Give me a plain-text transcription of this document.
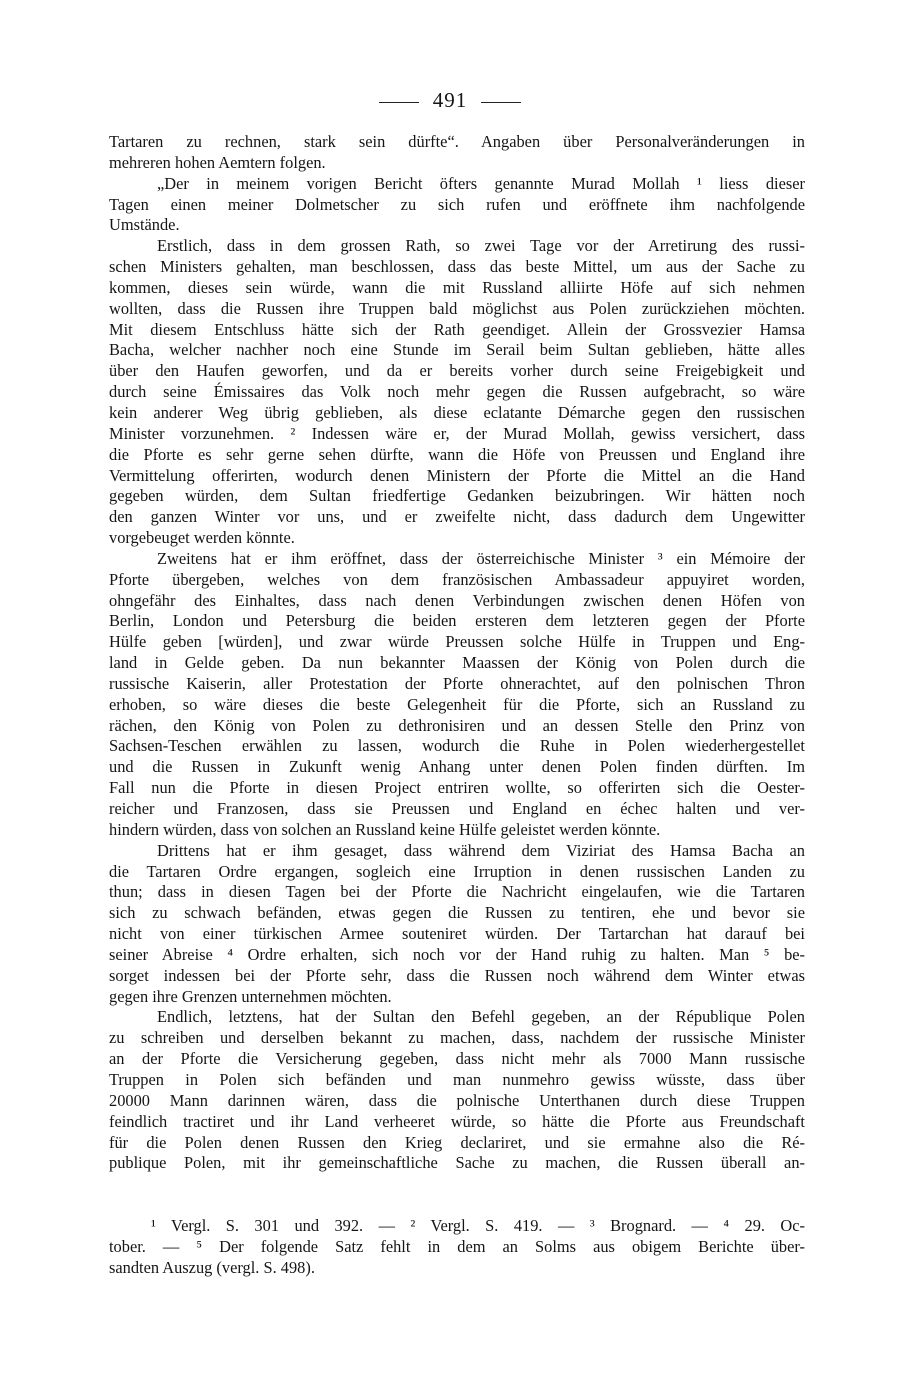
491
Tartaren zu rechnen, stark sein dürfte“. Angaben über Personalveränderungen in
mehreren hohen Aemtern folgen.
„Der in meinem vorigen Bericht öfters genannte Murad Mollah ¹ liess dieser
Tagen einen meiner Dolmetscher zu sich rufen und eröffnete ihm nachfolgende
Umstände.
Erstlich, dass in dem grossen Rath, so zwei Tage vor der Arretirung des russi-
schen Ministers gehalten, man beschlossen, dass das beste Mittel, um aus der Sache zu
kommen, dieses sein würde, wann die mit Russland alliirte Höfe auf sich nehmen
wollten, dass die Russen ihre Truppen bald möglichst aus Polen zurückziehen möchten.
Mit diesem Entschluss hätte sich der Rath geendiget. Allein der Grossvezier Hamsa
Bacha, welcher nachher noch eine Stunde im Serail beim Sultan geblieben, hätte alles
über den Haufen geworfen, und da er bereits vorher durch seine Freigebigkeit und
durch seine Émissaires das Volk noch mehr gegen die Russen aufgebracht, so wäre
kein anderer Weg übrig geblieben, als diese eclatante Démarche gegen den russischen
Minister vorzunehmen. ² Indessen wäre er, der Murad Mollah, gewiss versichert, dass
die Pforte es sehr gerne sehen dürfte, wann die Höfe von Preussen und England ihre
Vermittelung offerirten, wodurch denen Ministern der Pforte die Mittel an die Hand
gegeben würden, dem Sultan friedfertige Gedanken beizubringen. Wir hätten noch
den ganzen Winter vor uns, und er zweifelte nicht, dass dadurch dem Ungewitter
vorgebeuget werden könnte.
Zweitens hat er ihm eröffnet, dass der österreichische Minister ³ ein Mémoire der
Pforte übergeben, welches von dem französischen Ambassadeur appuyiret worden,
ohngefähr des Einhaltes, dass nach denen Verbindungen zwischen denen Höfen von
Berlin, London und Petersburg die beiden ersteren dem letzteren gegen der Pforte
Hülfe geben [würden], und zwar würde Preussen solche Hülfe in Truppen und Eng-
land in Gelde geben. Da nun bekannter Maassen der König von Polen durch die
russische Kaiserin, aller Protestation der Pforte ohnerachtet, auf den polnischen Thron
erhoben, so wäre dieses die beste Gelegenheit für die Pforte, sich an Russland zu
rächen, den König von Polen zu dethronisiren und an dessen Stelle den Prinz von
Sachsen-Teschen erwählen zu lassen, wodurch die Ruhe in Polen wiederhergestellet
und die Russen in Zukunft wenig Anhang unter denen Polen finden dürften. Im
Fall nun die Pforte in diesen Project entriren wollte, so offerirten sich die Oester-
reicher und Franzosen, dass sie Preussen und England en échec halten und ver-
hindern würden, dass von solchen an Russland keine Hülfe geleistet werden könnte.
Drittens hat er ihm gesaget, dass während dem Viziriat des Hamsa Bacha an
die Tartaren Ordre ergangen, sogleich eine Irruption in denen russischen Landen zu
thun; dass in diesen Tagen bei der Pforte die Nachricht eingelaufen, wie die Tartaren
sich zu schwach befänden, etwas gegen die Russen zu tentiren, ehe und bevor sie
nicht von einer türkischen Armee souteniret würden. Der Tartarchan hat darauf bei
seiner Abreise ⁴ Ordre erhalten, sich noch vor der Hand ruhig zu halten. Man ⁵ be-
sorget indessen bei der Pforte sehr, dass die Russen noch während dem Winter etwas
gegen ihre Grenzen unternehmen möchten.
Endlich, letztens, hat der Sultan den Befehl gegeben, an der République Polen
zu schreiben und derselben bekannt zu machen, dass, nachdem der russische Minister
an der Pforte die Versicherung gegeben, dass nicht mehr als 7000 Mann russische
Truppen in Polen sich befänden und man nunmehro gewiss wüsste, dass über
20000 Mann darinnen wären, dass die polnische Unterthanen durch diese Truppen
feindlich tractiret und ihr Land verheeret würde, so hätte die Pforte aus Freundschaft
für die Polen denen Russen den Krieg declariret, und sie ermahne also die Ré-
publique Polen, mit ihr gemeinschaftliche Sache zu machen, die Russen überall an-
¹ Vergl. S. 301 und 392. — ² Vergl. S. 419. — ³ Brognard. — ⁴ 29. Oc-
tober. — ⁵ Der folgende Satz fehlt in dem an Solms aus obigem Berichte über-
sandten Auszug (vergl. S. 498).
